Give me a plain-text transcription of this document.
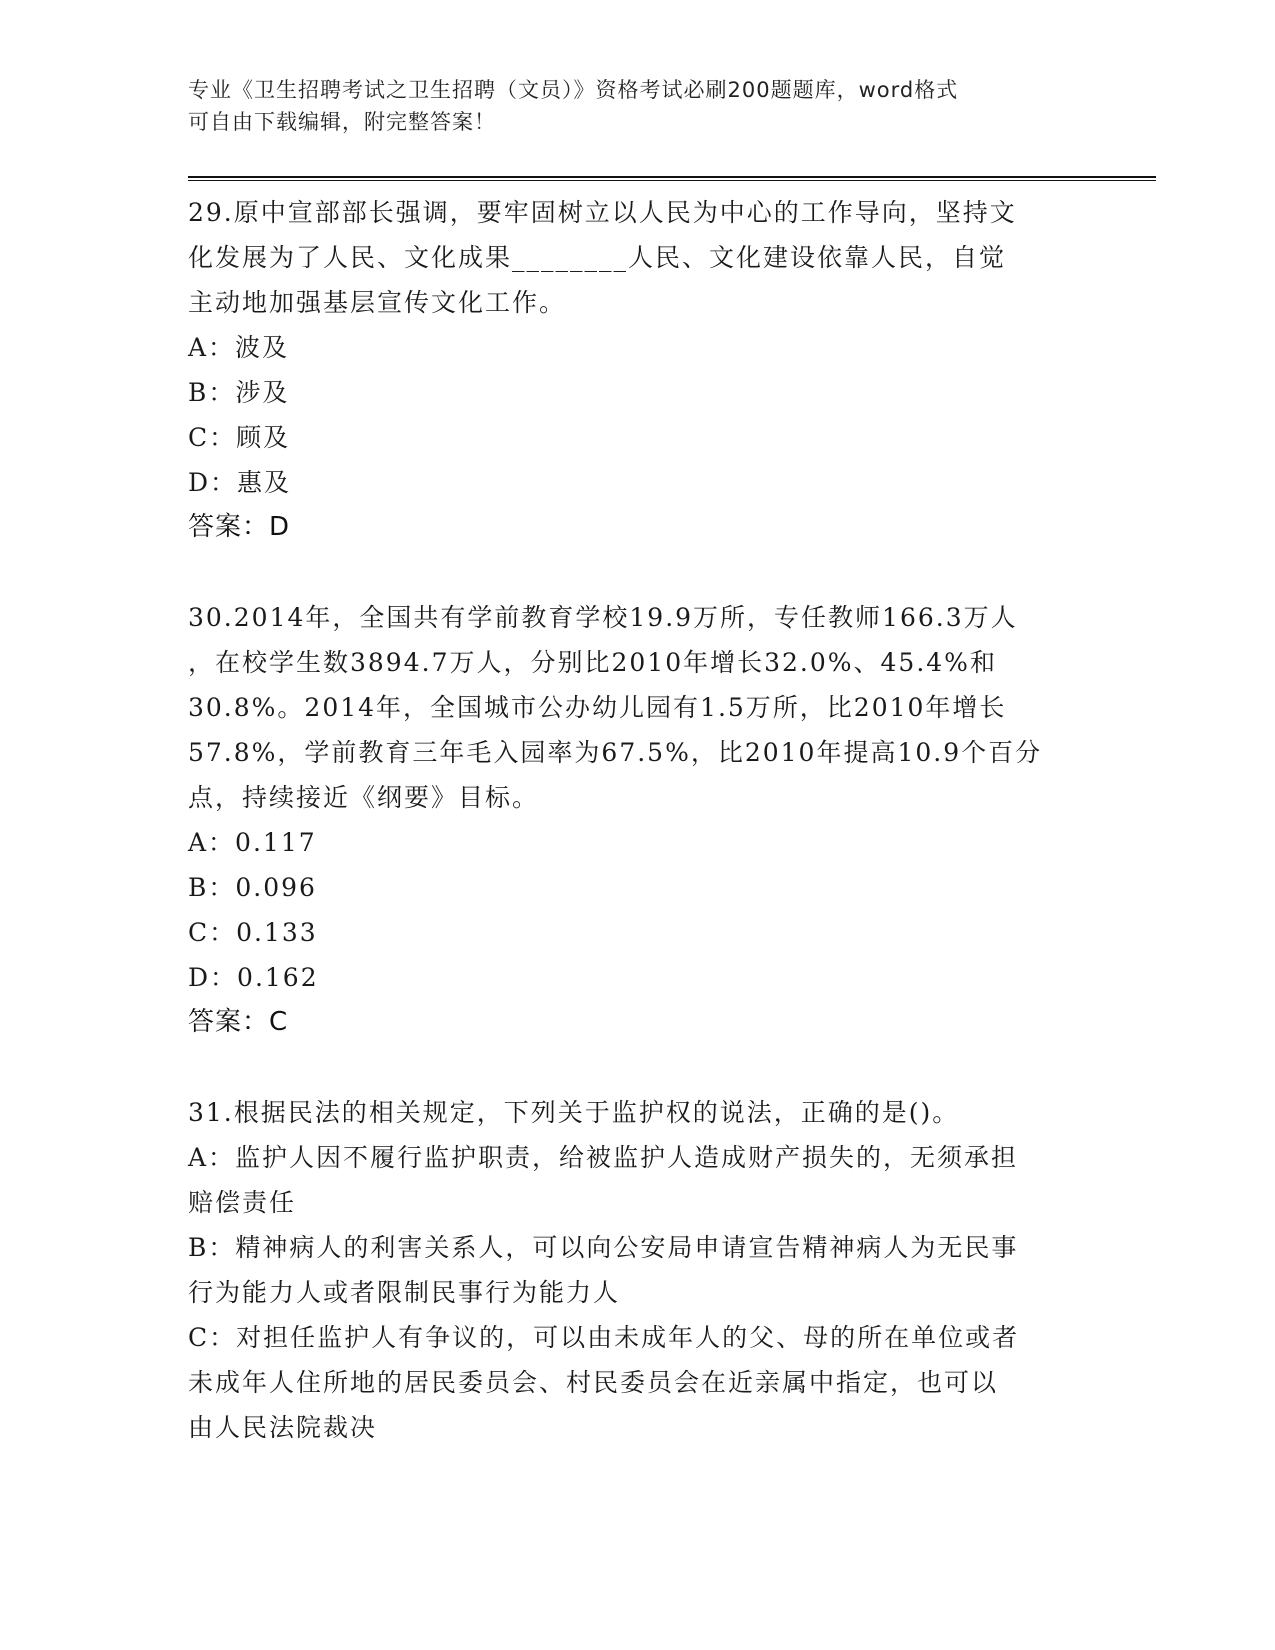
专业《卫生招聘考试之卫生招聘（文员）》资格考试必刷200题题库，word格式
可自由下载编辑，附完整答案！
29.原中宣部部长强调，要牢固树立以人民为中心的工作导向，坚持文
化发展为了人民、文化成果________人民、文化建设依靠人民，自觉
主动地加强基层宣传文化工作。
A：波及
B：涉及
C：顾及
D：惠及
答案：D
30.2014年，全国共有学前教育学校19.9万所，专任教师166.3万人
，在校学生数3894.7万人，分别比2010年增长32.0%、45.4%和
30.8%。2014年，全国城市公办幼儿园有1.5万所，比2010年增长
57.8%，学前教育三年毛入园率为67.5%，比2010年提高10.9个百分
点，持续接近《纲要》目标。
A：0.117
B：0.096
C：0.133
D：0.162
答案：C
31.根据民法的相关规定，下列关于监护权的说法，正确的是()。
A：监护人因不履行监护职责，给被监护人造成财产损失的，无须承担
赔偿责任
B：精神病人的利害关系人，可以向公安局申请宣告精神病人为无民事
行为能力人或者限制民事行为能力人
C：对担任监护人有争议的，可以由未成年人的父、母的所在单位或者
未成年人住所地的居民委员会、村民委员会在近亲属中指定，也可以
由人民法院裁决
